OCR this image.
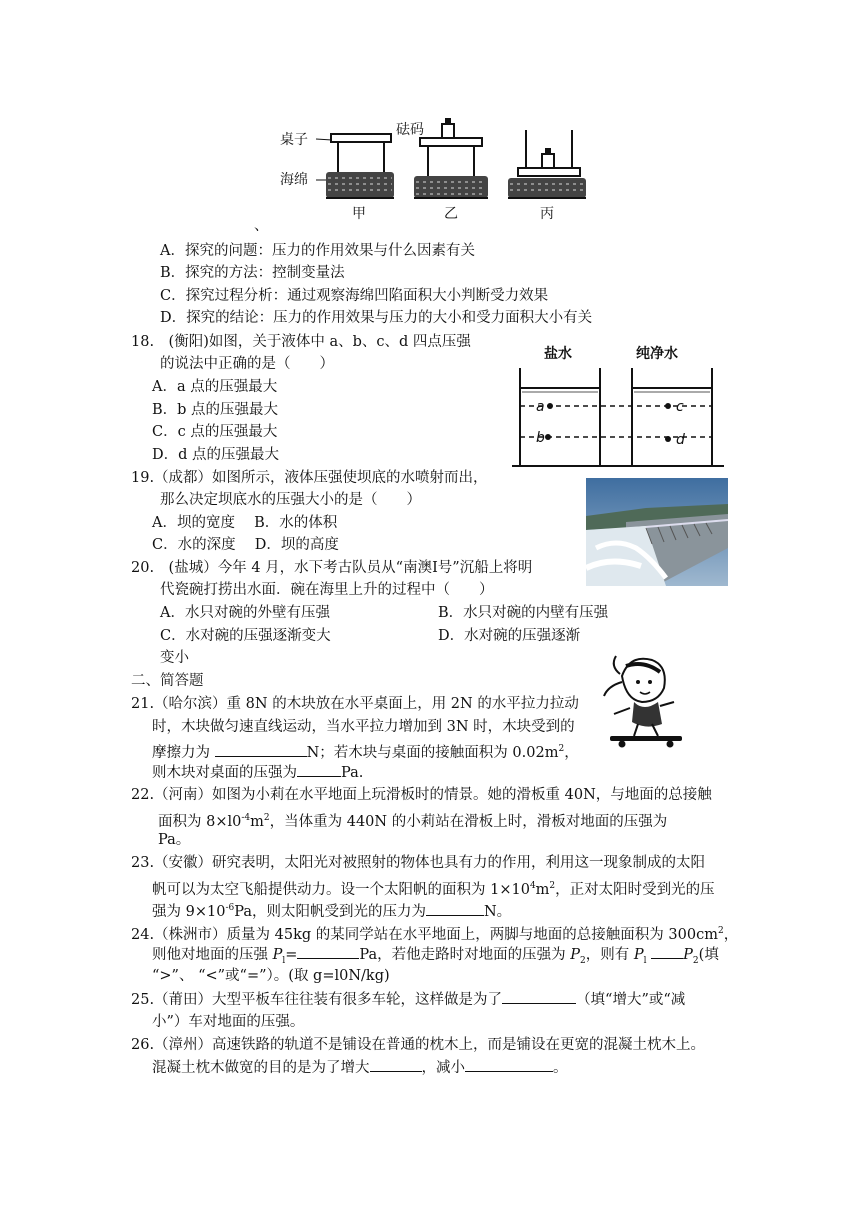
桌子
砝码
海绵
甲	乙	丙
、
A．探究的问题：压力的作用效果与什么因素有关
B．探究的方法：控制变量法
C．探究过程分析：通过观察海绵凹陷面积大小判断受力效果
D．探究的结论：压力的作用效果与压力的大小和受力面积大小有关
18.　(衡阳)如图，关于液体中 a、b、c、d 四点压强
的说法中正确的是（　　）
A．a 点的压强最大
B．b 点的压强最大
C．c 点的压强最大
D．d 点的压强最大
盐水	纯净水
a
b
c
d
19.（成都）如图所示，液体压强使坝底的水喷射而出，
那么决定坝底水的压强大小的是（　　）
A．坝的宽度　 B．水的体积
C．水的深度　 D．坝的高度
20.　(盐城）今年 4 月，水下考古队员从“南澳Ⅰ号”沉船上将明
代瓷碗打捞出水面．碗在海里上升的过程中（　　）
A．水只对碗的外壁有压强	B．水只对碗的内壁有压强
C．水对碗的压强逐渐变大	D．水对碗的压强逐渐
变小
二、简答题
21.（哈尔滨）重 8N 的木块放在水平桌面上，用 2N 的水平拉力拉动
时，木块做匀速直线运动，当水平拉力增加到 3N 时，木块受到的
摩擦力为	N；若木块与桌面的接触面积为 $0.02m^2$，
则木块对桌面的压强为	Pa.
22.（河南）如图为小莉在水平地面上玩滑板时的情景。她的滑板重 40N，与地面的总接触
面积为 $8\times l0^{-4}m^2$，当体重为 440N 的小莉站在滑板上时，滑板对地面的压强为
Pa。
23.（安徽）研究表明，太阳光对被照射的物体也具有力的作用，利用这一现象制成的太阳
帆可以为太空飞船提供动力。设一个太阳帆的面积为 $1\times 10^4m^2$，正对太阳时受到光的压
强为 $9\times 10^{-6}Pa$，则太阳帆受到光的压力为	N。
24.（株洲市）质量为 45kg 的某同学站在水平地面上，两脚与地面的总接触面积为 $300cm^2$，
则他对地面的压强 $P_l=$	Pa，若他走路时对地面的压强为 $P_2$，则有 $P_l$	$P_2$(填
“>”、 “<”或“=”）。(取 g=l0N/kg)
25.（莆田）大型平板车往往装有很多车轮，这样做是为了	（填“增大”或“减
小”）车对地面的压强。
26.（漳州）高速铁路的轨道不是铺设在普通的枕木上，而是铺设在更宽的混凝土枕木上。
混凝土枕木做宽的目的是为了增大	，减小	。
